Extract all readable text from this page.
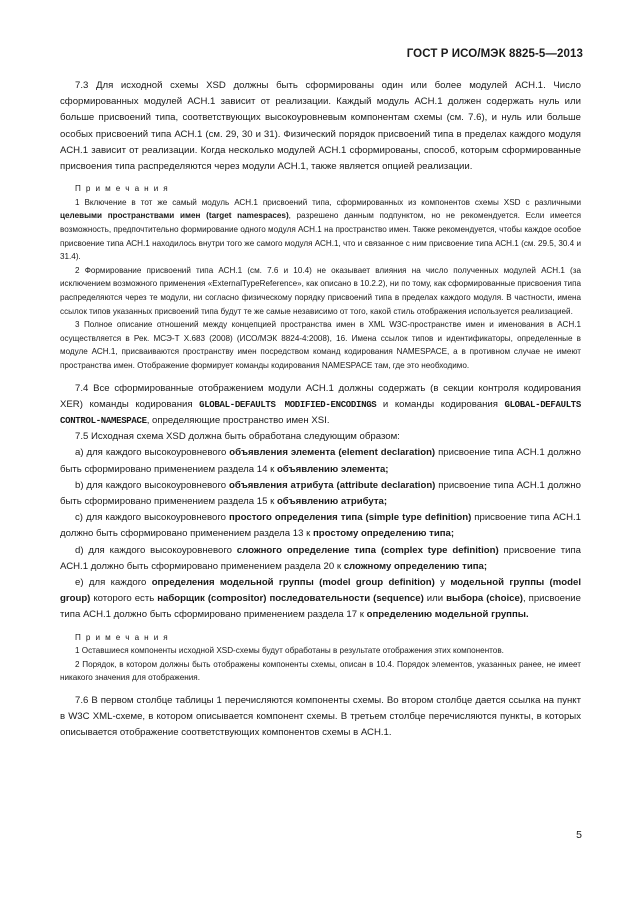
ГОСТ Р ИСО/МЭК 8825-5—2013

7.3 Для исходной схемы XSD должны быть сформированы один или более модулей АСН.1. Число сформированных модулей АСН.1 зависит от реализации. Каждый модуль АСН.1 должен содержать нуль или больше присвоений типа, соответствующих высокоуровневым компонентам схемы (см. 7.6), и нуль или больше особых присвоений типа АСН.1 (см. 29, 30 и 31). Физический порядок присвоений типа в пределах каждого модуля АСН.1 зависит от реализации. Когда несколько модулей АСН.1 сформированы, способ, которым сформированные присвоения типа распределяются через модули АСН.1, также является опцией реализации.

П р и м е ч а н и я

1 Включение в тот же самый модуль АСН.1 присвоений типа, сформированных из компонентов схемы XSD с различными целевыми пространствами имен (target namespaces), разрешено данным подпунктом, но не рекомендуется. Если имеется возможность, предпочтительно формирование одного модуля АСН.1 на пространство имен. Также рекомендуется, чтобы каждое особое присвоение типа АСН.1 находилось внутри того же самого модуля АСН.1, что и связанное с ним присвоение типа АСН.1 (см. 29.5, 30.4 и 31.4).

2 Формирование присвоений типа АСН.1 (см. 7.6 и 10.4) не оказывает влияния на число полученных модулей АСН.1 (за исключением возможного применения «ExternalTypeReference», как описано в 10.2.2), ни по тому, как сформированные присвоения типа распределяются через те модули, ни согласно физическому порядку присвоений типа в пределах каждого модуля. В частности, имена ссылок типов указанных присвоений типа будут те же самые независимо от того, какой стиль отображения используется реализацией.

3 Полное описание отношений между концепцией пространства имен в XML W3C-пространстве имен и именования в АСН.1 осуществляется в Рек. МСЭ-Т X.683 (2008) (ИСО/МЭК 8824-4:2008), 16. Имена ссылок типов и идентификаторы, определенные в модуле АСН.1, присваиваются пространству имен посредством команд кодирования NAMESPACE, а в противном случае не имеют пространства имен. Отображение формирует команды кодирования NAMESPACE там, где это необходимо.

7.4 Все сформированные отображением модули АСН.1 должны содержать (в секции контроля кодирования XER) команды кодирования GLOBAL-DEFAULTS MODIFIED-ENCODINGS и команды кодирования GLOBAL-DEFAULTS CONTROL-NAMESPACE, определяющие пространство имен XSI.

7.5 Исходная схема XSD должна быть обработана следующим образом:

a) для каждого высокоуровневого объявления элемента (element declaration) присвоение типа АСН.1 должно быть сформировано применением раздела 14 к объявлению элемента;

b) для каждого высокоуровневого объявления атрибута (attribute declaration) присвоение типа АСН.1 должно быть сформировано применением раздела 15 к объявлению атрибута;

c) для каждого высокоуровневого простого определения типа (simple type definition) присвоение типа АСН.1 должно быть сформировано применением раздела 13 к простому определению типа;

d) для каждого высокоуровневого сложного определение типа (complex type definition) присвоение типа АСН.1 должно быть сформировано применением раздела 20 к сложному определению типа;

e) для каждого определения модельной группы (model group definition) у модельной группы (model group) которого есть наборщик (compositor) последовательности (sequence) или выбора (choice), присвоение типа АСН.1 должно быть сформировано применением раздела 17 к определению модельной группы.

П р и м е ч а н и я

1 Оставшиеся компоненты исходной XSD-схемы будут обработаны в результате отображения этих компонентов.

2 Порядок, в котором должны быть отображены компоненты схемы, описан в 10.4. Порядок элементов, указанных ранее, не имеет никакого значения для отображения.

7.6 В первом столбце таблицы 1 перечисляются компоненты схемы. Во втором столбце дается ссылка на пункт в W3C XML-схеме, в котором описывается компонент схемы. В третьем столбце перечисляются пункты, в которых описывается отображение соответствующих компонентов схемы в АСН.1.

5
